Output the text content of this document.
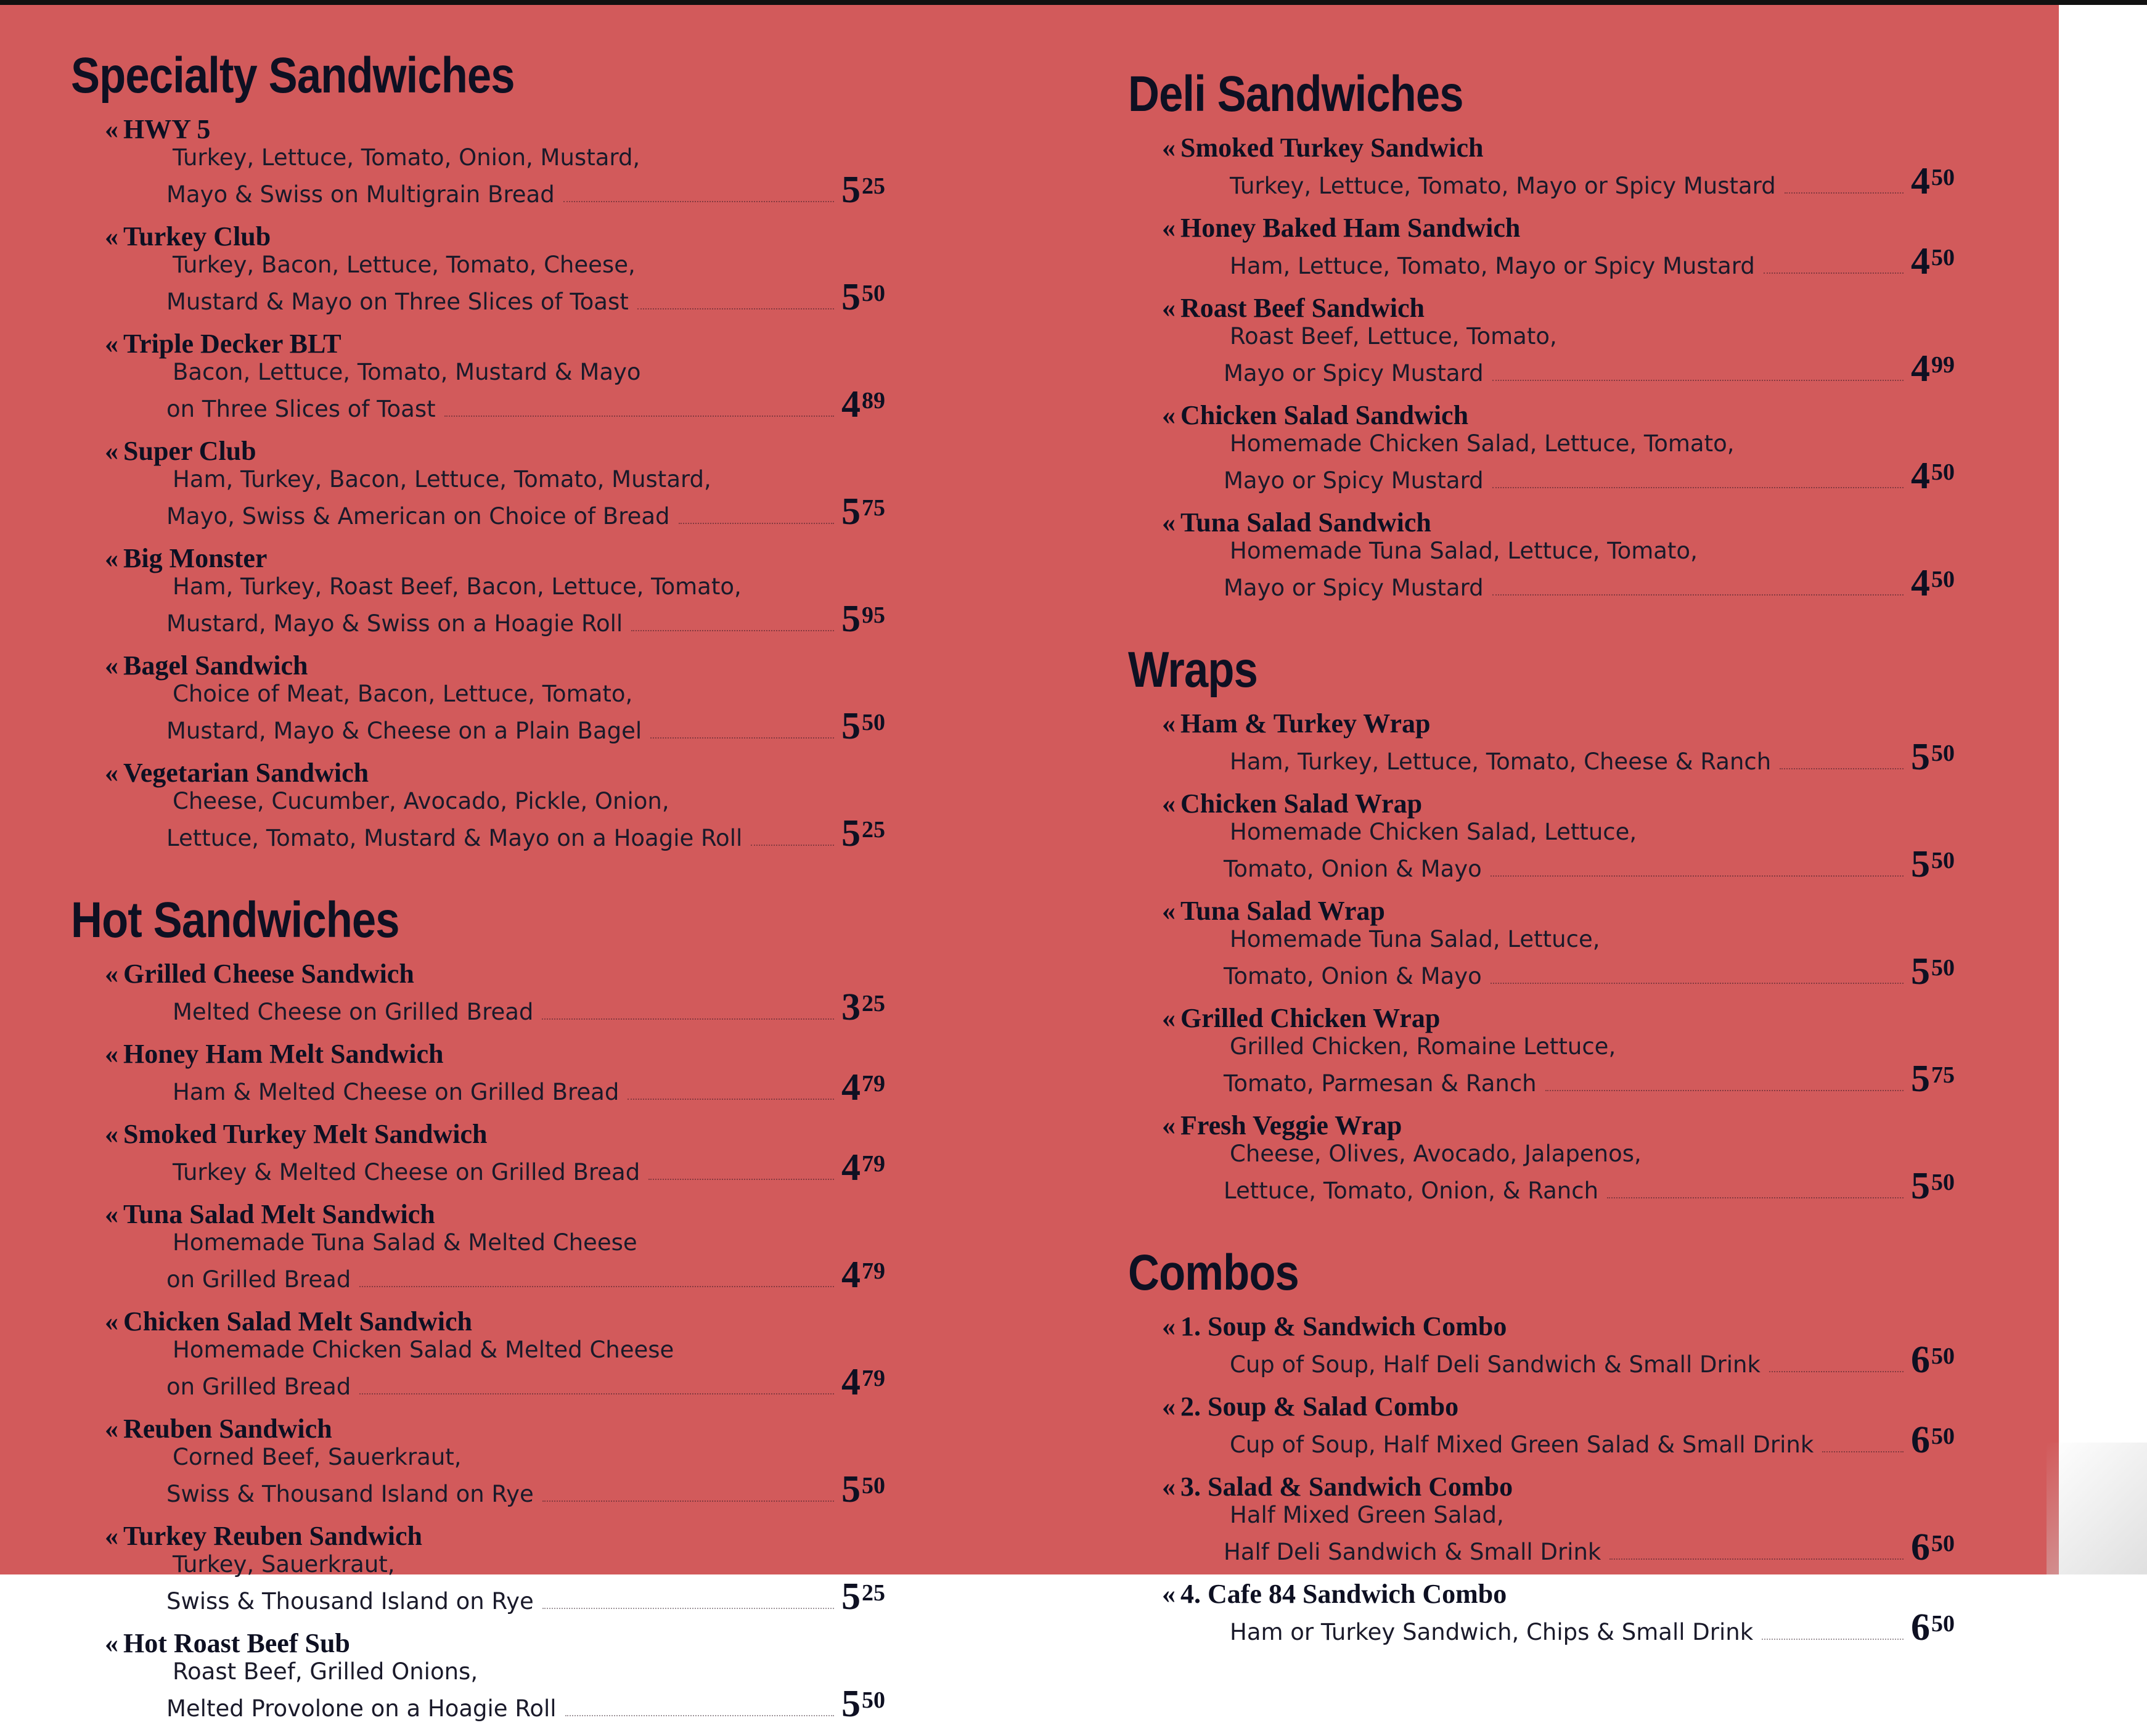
Specialty Sandwiches
« HWY 5
Turkey, Lettuce, Tomato, Onion, Mustard,
Mayo & Swiss on Multigrain Bread	$5^{25}$
« Turkey Club
Turkey, Bacon, Lettuce, Tomato, Cheese,
Mustard & Mayo on Three Slices of Toast	$5^{50}$
« Triple Decker BLT
Bacon, Lettuce, Tomato, Mustard & Mayo
on Three Slices of Toast	$4^{89}$
« Super Club
Ham, Turkey, Bacon, Lettuce, Tomato, Mustard,
Mayo, Swiss & American on Choice of Bread	$5^{75}$
« Big Monster
Ham, Turkey, Roast Beef, Bacon, Lettuce, Tomato,
Mustard, Mayo & Swiss on a Hoagie Roll	$5^{95}$
« Bagel Sandwich
Choice of Meat, Bacon, Lettuce, Tomato,
Mustard, Mayo & Cheese on a Plain Bagel	$5^{50}$
« Vegetarian Sandwich
Cheese, Cucumber, Avocado, Pickle, Onion,
Lettuce, Tomato, Mustard & Mayo on a Hoagie Roll	$5^{25}$
Hot Sandwiches
« Grilled Cheese Sandwich
Melted Cheese on Grilled Bread	$3^{25}$
« Honey Ham Melt Sandwich
Ham & Melted Cheese on Grilled Bread	$4^{79}$
« Smoked Turkey Melt Sandwich
Turkey & Melted Cheese on Grilled Bread	$4^{79}$
« Tuna Salad Melt Sandwich
Homemade Tuna Salad & Melted Cheese
on Grilled Bread	$4^{79}$
« Chicken Salad Melt Sandwich
Homemade Chicken Salad & Melted Cheese
on Grilled Bread	$4^{79}$
« Reuben Sandwich
Corned Beef, Sauerkraut,
Swiss & Thousand Island on Rye	$5^{50}$
« Turkey Reuben Sandwich
Turkey, Sauerkraut,
Swiss & Thousand Island on Rye	$5^{25}$
« Hot Roast Beef Sub
Roast Beef, Grilled Onions,
Melted Provolone on a Hoagie Roll	$5^{50}$
Deli Sandwiches
« Smoked Turkey Sandwich
Turkey, Lettuce, Tomato, Mayo or Spicy Mustard	$4^{50}$
« Honey Baked Ham Sandwich
Ham, Lettuce, Tomato, Mayo or Spicy Mustard	$4^{50}$
« Roast Beef Sandwich
Roast Beef, Lettuce, Tomato,
Mayo or Spicy Mustard	$4^{99}$
« Chicken Salad Sandwich
Homemade Chicken Salad, Lettuce, Tomato,
Mayo or Spicy Mustard	$4^{50}$
« Tuna Salad Sandwich
Homemade Tuna Salad, Lettuce, Tomato,
Mayo or Spicy Mustard	$4^{50}$
Wraps
« Ham & Turkey Wrap
Ham, Turkey, Lettuce, Tomato, Cheese & Ranch	$5^{50}$
« Chicken Salad Wrap
Homemade Chicken Salad, Lettuce,
Tomato, Onion & Mayo	$5^{50}$
« Tuna Salad Wrap
Homemade Tuna Salad, Lettuce,
Tomato, Onion & Mayo	$5^{50}$
« Grilled Chicken Wrap
Grilled Chicken, Romaine Lettuce,
Tomato, Parmesan & Ranch	$5^{75}$
« Fresh Veggie Wrap
Cheese, Olives, Avocado, Jalapenos,
Lettuce, Tomato, Onion, & Ranch	$5^{50}$
Combos
« 1. Soup & Sandwich Combo
Cup of Soup, Half Deli Sandwich & Small Drink	$6^{50}$
« 2. Soup & Salad Combo
Cup of Soup, Half Mixed Green Salad & Small Drink	$6^{50}$
« 3. Salad & Sandwich Combo
Half Mixed Green Salad,
Half Deli Sandwich & Small Drink	$6^{50}$
« 4. Cafe 84 Sandwich Combo
Ham or Turkey Sandwich, Chips & Small Drink	$6^{50}$
